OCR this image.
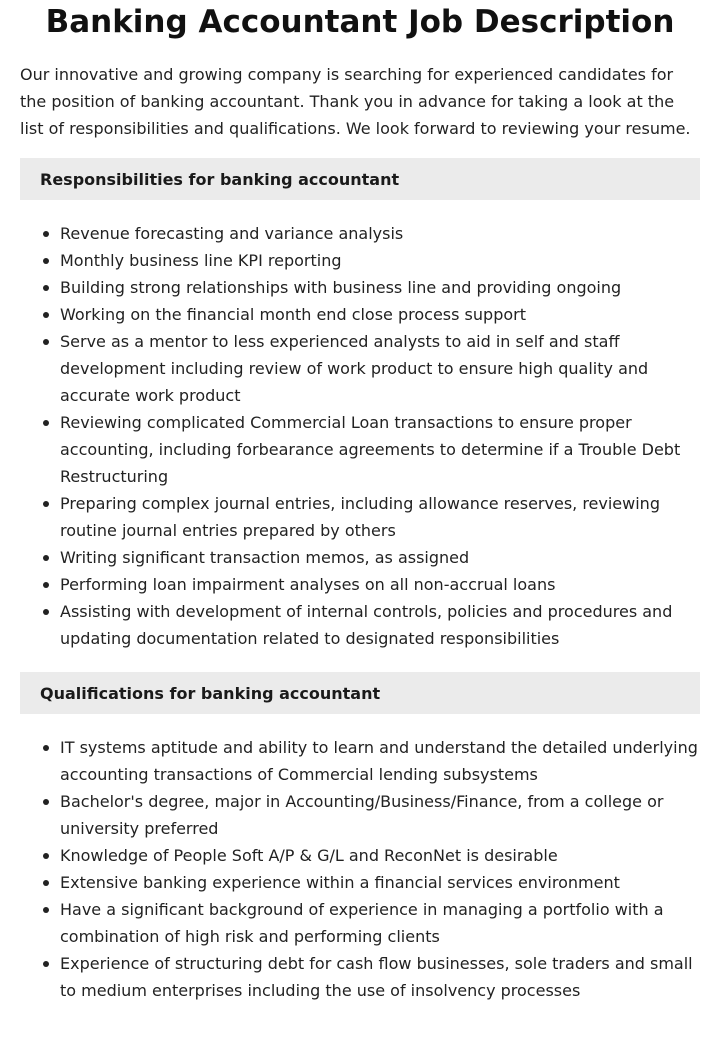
Banking Accountant Job Description

Our innovative and growing company is searching for experienced candidates for the position of banking accountant. Thank you in advance for taking a look at the list of responsibilities and qualifications. We look forward to reviewing your resume.

Responsibilities for banking accountant
Revenue forecasting and variance analysis
Monthly business line KPI reporting
Building strong relationships with business line and providing ongoing
Working on the financial month end close process support
Serve as a mentor to less experienced analysts to aid in self and staff development including review of work product to ensure high quality and accurate work product
Reviewing complicated Commercial Loan transactions to ensure proper accounting, including forbearance agreements to determine if a Trouble Debt Restructuring
Preparing complex journal entries, including allowance reserves, reviewing routine journal entries prepared by others
Writing significant transaction memos, as assigned
Performing loan impairment analyses on all non-accrual loans
Assisting with development of internal controls, policies and procedures and updating documentation related to designated responsibilities
Qualifications for banking accountant
IT systems aptitude and ability to learn and understand the detailed underlying accounting transactions of Commercial lending subsystems
Bachelor's degree, major in Accounting/Business/Finance, from a college or university preferred
Knowledge of People Soft A/P & G/L and ReconNet is desirable
Extensive banking experience within a financial services environment
Have a significant background of experience in managing a portfolio with a combination of high risk and performing clients
Experience of structuring debt for cash flow businesses, sole traders and small to medium enterprises including the use of insolvency processes
